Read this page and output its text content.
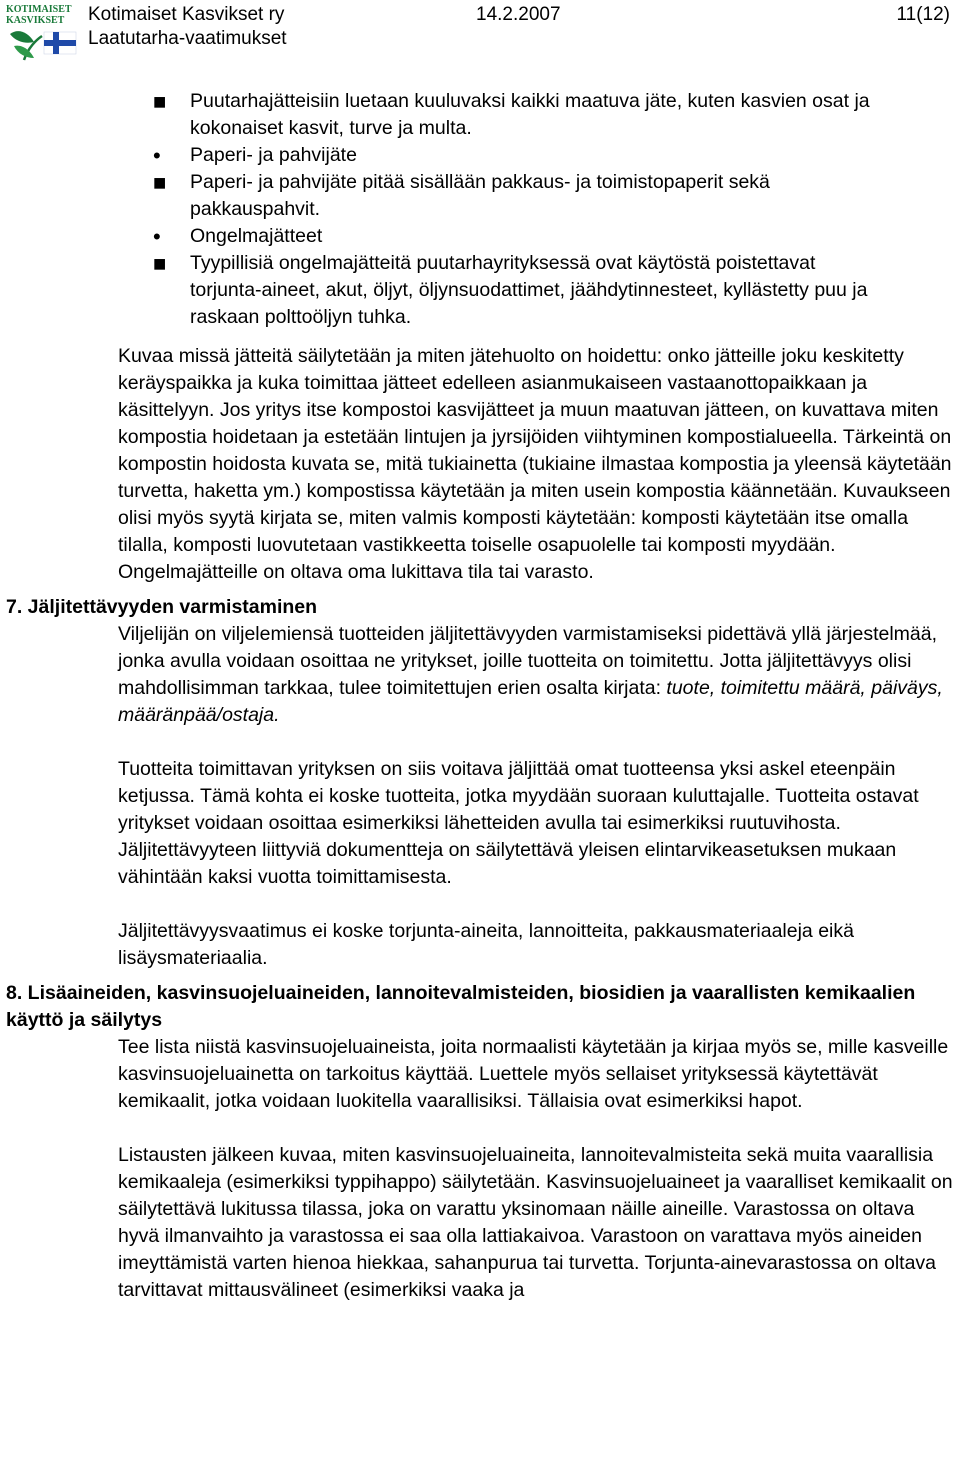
KOTIMAISET
KASVIKSET Kotimaiset Kasvikset ry
Laatutarha-vaatimukset
14.2.2007	11(12)
■ Puutarhajätteisiin luetaan kuuluvaksi kaikki maatuva jäte, kuten kasvien osat ja kokonaiset kasvit, turve ja multa.
• Paperi- ja pahvijäte
■ Paperi- ja pahvijäte pitää sisällään pakkaus- ja toimistopaperit sekä pakkauspahvit.
• Ongelmajätteet
■ Tyypillisiä ongelmajätteitä puutarhayrityksessä ovat käytöstä poistettavat torjunta-aineet, akut, öljyt, öljynsuodattimet, jäähdytinnesteet, kyllästetty puu ja raskaan polttoöljyn tuhka.
Kuvaa missä jätteitä säilytetään ja miten jätehuolto on hoidettu: onko jätteille joku keskitetty keräyspaikka ja kuka toimittaa jätteet edelleen asianmukaiseen vastaanottopaikkaan ja käsittelyyn. Jos yritys itse kompostoi kasvijätteet ja muun maatuvan jätteen, on kuvattava miten kompostia hoidetaan ja estetään lintujen ja jyrsijöiden viihtyminen kompostialueella. Tärkeintä on kompostin hoidosta kuvata se, mitä tukiainetta (tukiaine ilmastaa kompostia ja yleensä käytetään turvetta, haketta ym.) kompostissa käytetään ja miten usein kompostia käännetään. Kuvaukseen olisi myös syytä kirjata se, miten valmis komposti käytetään: komposti käytetään itse omalla tilalla, komposti luovutetaan vastikkeetta toiselle osapuolelle tai komposti myydään. Ongelmajätteille on oltava oma lukittava tila tai varasto.
7. Jäljitettävyyden varmistaminen
Viljelijän on viljelemiensä tuotteiden jäljitettävyyden varmistamiseksi pidettävä yllä järjestelmää, jonka avulla voidaan osoittaa ne yritykset, joille tuotteita on toimitettu. Jotta jäljitettävyys olisi mahdollisimman tarkkaa, tulee toimitettujen erien osalta kirjata: tuote, toimitettu määrä, päiväys, määränpää/ostaja.
Tuotteita toimittavan yrityksen on siis voitava jäljittää omat tuotteensa yksi askel eteenpäin ketjussa. Tämä kohta ei koske tuotteita, jotka myydään suoraan kuluttajalle. Tuotteita ostavat yritykset voidaan osoittaa esimerkiksi lähetteiden avulla tai esimerkiksi ruutuvihosta. Jäljitettävyyteen liittyviä dokumentteja on säilytettävä yleisen elintarvikeasetuksen mukaan vähintään kaksi vuotta toimittamisesta.
Jäljitettävyysvaatimus ei koske torjunta-aineita, lannoitteita, pakkausmateriaaleja eikä lisäysmateriaalia.
8. Lisäaineiden, kasvinsuojeluaineiden, lannoitevalmisteiden, biosidien ja vaarallisten kemikaalien käyttö ja säilytys
Tee lista niistä kasvinsuojeluaineista, joita normaalisti käytetään ja kirjaa myös se, mille kasveille kasvinsuojeluainetta on tarkoitus käyttää. Luettele myös sellaiset yrityksessä käytettävät kemikaalit, jotka voidaan luokitella vaarallisiksi. Tällaisia ovat esimerkiksi hapot.
Listausten jälkeen kuvaa, miten kasvinsuojeluaineita, lannoitevalmisteita sekä muita vaarallisia kemikaaleja (esimerkiksi typpihappo) säilytetään. Kasvinsuojeluaineet ja vaaralliset kemikaalit on säilytettävä lukitussa tilassa, joka on varattu yksinomaan näille aineille. Varastossa on oltava hyvä ilmanvaihto ja varastossa ei saa olla lattiakaivoa. Varastoon on varattava myös aineiden imeyttämistä varten hienoa hiekkaa, sahanpurua tai turvetta. Torjunta-ainevarastossa on oltava tarvittavat mittausvälineet (esimerkiksi vaaka ja
